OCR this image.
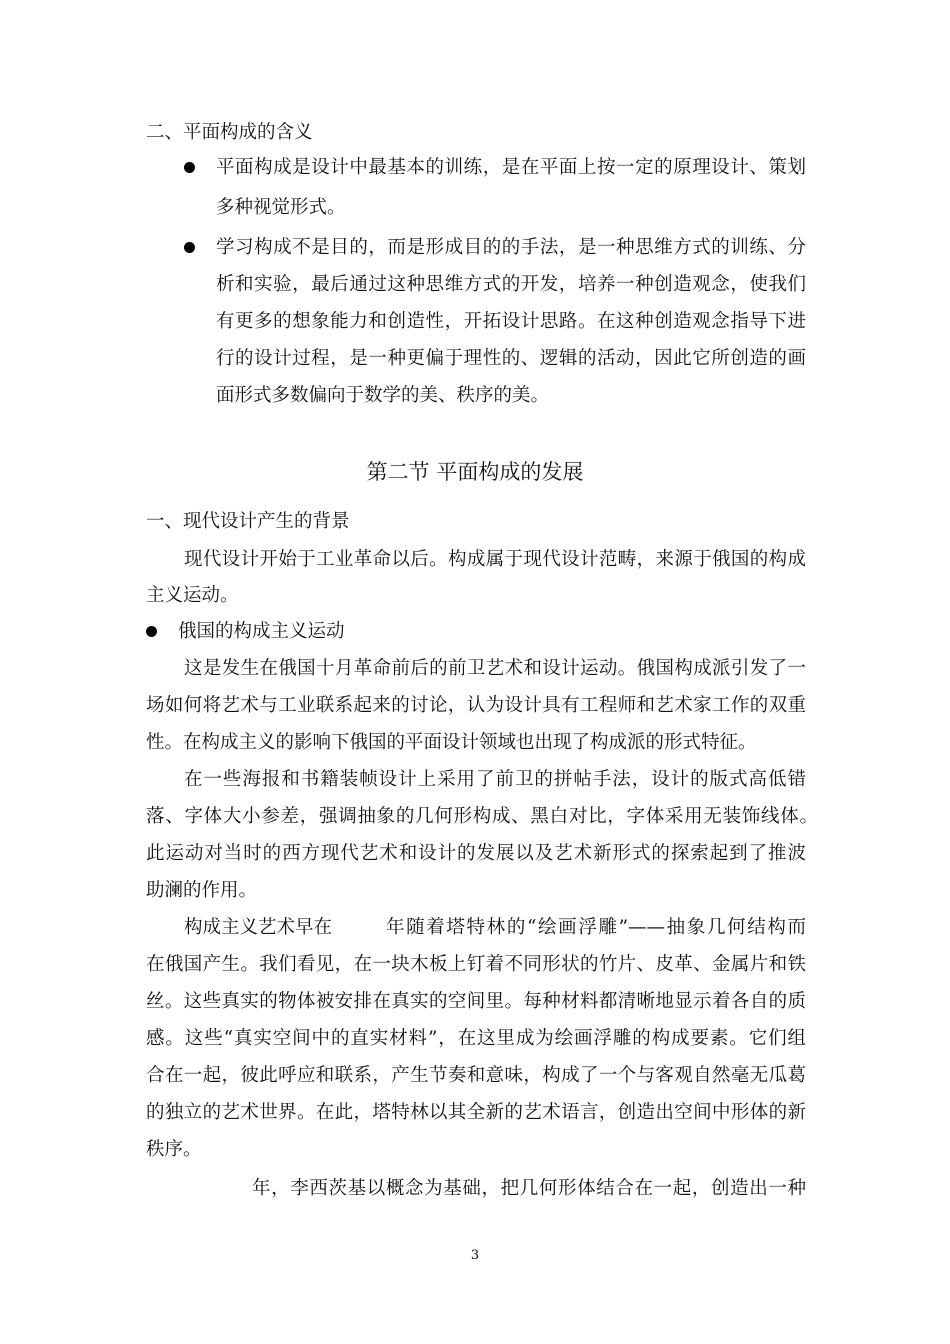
二、平面构成的含义
平面构成是设计中最基本的训练，是在平面上按一定的原理设计、策划
多种视觉形式。
学习构成不是目的，而是形成目的的手法，是一种思维方式的训练、分
析和实验，最后通过这种思维方式的开发，培养一种创造观念，使我们
有更多的想象能力和创造性，开拓设计思路。在这种创造观念指导下进
行的设计过程，是一种更偏于理性的、逻辑的活动，因此它所创造的画
面形式多数偏向于数学的美、秩序的美。
第二节 平面构成的发展
一、现代设计产生的背景
现代设计开始于工业革命以后。构成属于现代设计范畴，来源于俄国的构成
主义运动。
俄国的构成主义运动
这是发生在俄国十月革命前后的前卫艺术和设计运动。俄国构成派引发了一
场如何将艺术与工业联系起来的讨论，认为设计具有工程师和艺术家工作的双重
性。在构成主义的影响下俄国的平面设计领域也出现了构成派的形式特征。
在一些海报和书籍装帧设计上采用了前卫的拼帖手法，设计的版式高低错
落、字体大小参差，强调抽象的几何形构成、黑白对比，字体采用无装饰线体。
此运动对当时的西方现代艺术和设计的发展以及艺术新形式的探索起到了推波
助澜的作用。
构成主义艺术早在	年随着塔特林的“绘画浮雕”——抽象几何结构而
在俄国产生。我们看见，在一块木板上钉着不同形状的竹片、皮革、金属片和铁
丝。这些真实的物体被安排在真实的空间里。每种材料都清晰地显示着各自的质
感。这些“真实空间中的直实材料”，在这里成为绘画浮雕的构成要素。它们组
合在一起，彼此呼应和联系，产生节奏和意味，构成了一个与客观自然毫无瓜葛
的独立的艺术世界。在此，塔特林以其全新的艺术语言，创造出空间中形体的新
秩序。
年，李西茨基以概念为基础，把几何形体结合在一起，创造出一种
3
